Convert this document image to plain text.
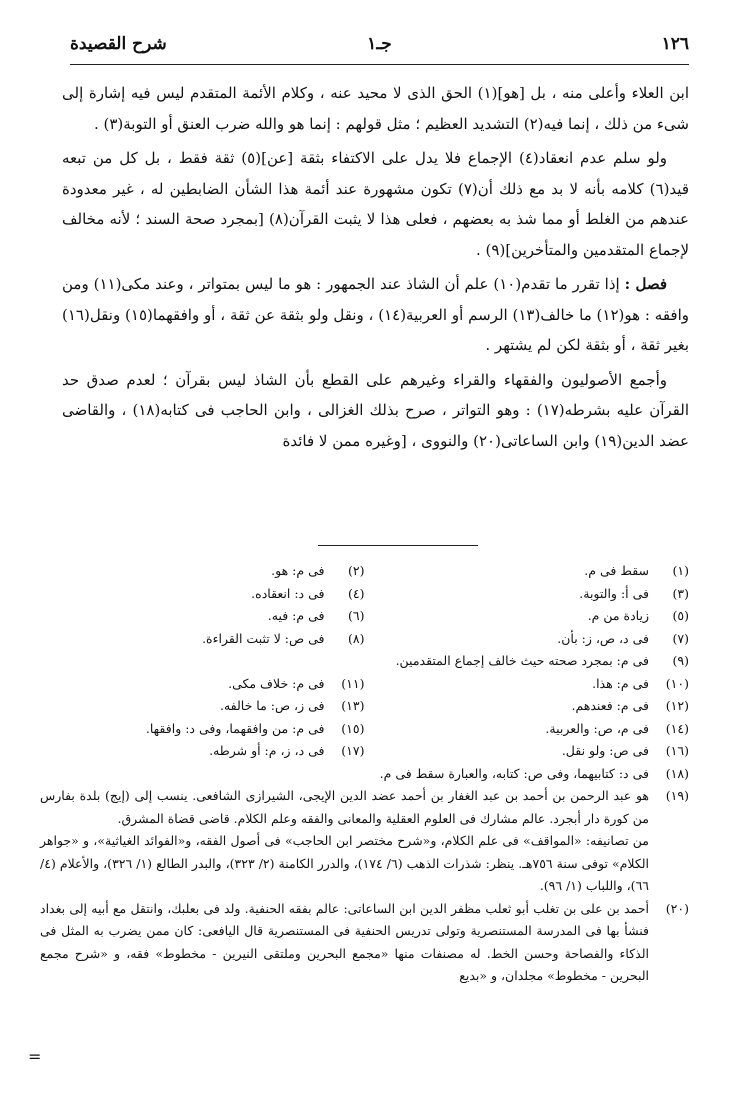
١٢٦
جـ١
شرح القصيدة

ابن العلاء وأعلى منه ، بل [هو](١) الحق الذى لا محيد عنه ، وكلام الأئمة المتقدم ليس فيه إشارة إلى شىء من ذلك ، إنما فيه(٢) التشديد العظيم ؛ مثل قولهم : إنما هو والله ضرب العنق أو التوبة(٣) .

ولو سلم عدم انعقاد(٤) الإجماع فلا يدل على الاكتفاء بثقة [عن](٥) ثقة فقط ، بل كل من تبعه قيد(٦) كلامه بأنه لا بد مع ذلك أن(٧) تكون مشهورة عند أئمة هذا الشأن الضابطين له ، غير معدودة عندهم من الغلط أو مما شذ به بعضهم ، فعلى هذا لا يثبت القرآن(٨) [بمجرد صحة السند ؛ لأنه مخالف لإجماع المتقدمين والمتأخرين](٩) .

فصل : إذا تقرر ما تقدم(١٠) علم أن الشاذ عند الجمهور : هو ما ليس بمتواتر ، وعند مكى(١١) ومن وافقه : هو(١٢) ما خالف(١٣) الرسم أو العربية(١٤) ، ونقل ولو بثقة عن ثقة ، أو وافقهما(١٥) ونقل(١٦) بغير ثقة ، أو بثقة لكن لم يشتهر .

وأجمع الأصوليون والفقهاء والقراء وغيرهم على القطع بأن الشاذ ليس بقرآن ؛ لعدم صدق حد القرآن عليه بشرطه(١٧) : وهو التواتر ، صرح بذلك الغزالى ، وابن الحاجب فى كتابه(١٨) ، والقاضى عضد الدين(١٩) وابن الساعاتى(٢٠) والنووى ، [وغيره ممن لا فائدة

(١)
سقط فى م.
(٢)
فى م: هو.
(٣)
فى أ: والتوبة.
(٤)
فى د: انعقاده.
(٥)
زيادة من م.
(٦)
فى م: فيه.
(٧)
فى د، ص، ز: بأن.
(٨)
فى ص: لا تثبت القراءة.
(٩)
فى م: بمجرد صحته حيث خالف إجماع المتقدمين.
(١٠)
فى م: هذا.
(١١)
فى م: خلاف مكى.
(١٢)
فى م: فعندهم.
(١٣)
فى ز، ص: ما خالفه.
(١٤)
فى م، ص: والعربية.
(١٥)
فى م: من وافقهما، وفى د: وافقها.
(١٦)
فى ص: ولو نقل.
(١٧)
فى د، ز، م: أو شرطه.
(١٨)
فى د: كتابيهما، وفى ص: كتابه، والعبارة سقط فى م.
(١٩)
هو عبد الرحمن بن أحمد بن عبد الغفار بن أحمد عضد الدين الإيجى، الشيرازى الشافعى. ينسب إلى (إيج) بلدة بفارس من كورة دار أبجرد. عالم مشارك فى العلوم العقلية والمعانى والفقه وعلم الكلام. قاضى قضاة المشرق.
من تصانيفه: «المواقف» فى علم الكلام، و«شرح مختصر ابن الحاجب» فى أصول الفقه، و«الفوائد الغياثية»، و «جواهر الكلام» توفى سنة ٧٥٦هـ. ينظر: شذرات الذهب (٦/ ١٧٤)، والدرر الكامنة (٢/ ٣٢٣)، والبدر الطالع (١/ ٣٢٦)، والأعلام (٤/ ٦٦)، واللباب (١/ ٩٦).
(٢٠)
أحمد بن على بن تغلب أبو ثعلب مظفر الدين ابن الساعاتى: عالم بفقه الحنفية. ولد فى بعلبك، وانتقل مع أبيه إلى بغداد فنشأ بها فى المدرسة المستنصرية وتولى تدريس الحنفية فى المستنصرية قال اليافعى: كان ممن يضرب به المثل فى الذكاء والفصاحة وحسن الخط. له مصنفات منها «مجمع البحرين وملتقى النيرين - مخطوط» فقه، و «شرح مجمع البحرين - مخطوط» مجلدان، و «بديع
=
